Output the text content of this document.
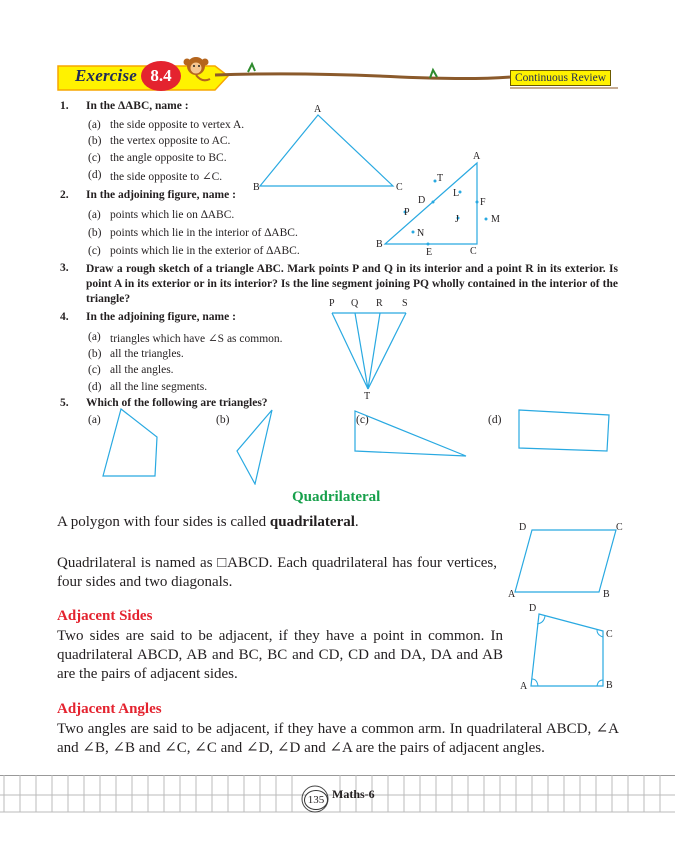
Exercise 8.4	Continuous Review
1. In the ∆ABC, name :
(a) the side opposite to vertex A.
(b) the vertex opposite to AC.
(c) the angle opposite to BC.
(d) the side opposite to ∠C.
A
B	C
2. In the adjoining figure, name :
(a) points which lie on ∆ABC.
(b) points which lie in the interior of ∆ABC.
(c) points which lie in the exterior of ∆ABC.
A
B
C
T
D
L
F
P
J	M
N
E
3. Draw a rough sketch of a triangle ABC. Mark points P and Q in its interior and a point R in its exterior. Is point A in its exterior or in its interior? Is the line segment joining PQ wholly contained in the interior of the triangle?
4. In the adjoining figure, name :
(a) triangles which have ∠S as common.
(b) all the triangles.
(c) all the angles.
(d) all the line segments.
P Q R S
T
5. Which of the following are triangles?
(a)	(b)	(c)	(d)
Quadrilateral
A polygon with four sides is called quadrilateral.
Quadrilateral is named as □ABCD. Each quadrilateral has four vertices, four sides and two diagonals.
D	C
A	B
Adjacent Sides
Two sides are said to be adjacent, if they have a point in common. In quadrilateral ABCD, AB and BC, BC and CD, CD and DA, DA and AB are the pairs of adjacent sides.
D
C
A	B
Adjacent Angles
Two angles are said to be adjacent, if they have a common arm. In quadrilateral ABCD, ∠A and ∠B, ∠B and ∠C, ∠C and ∠D, ∠D and ∠A are the pairs of adjacent angles.
135 Maths-6
